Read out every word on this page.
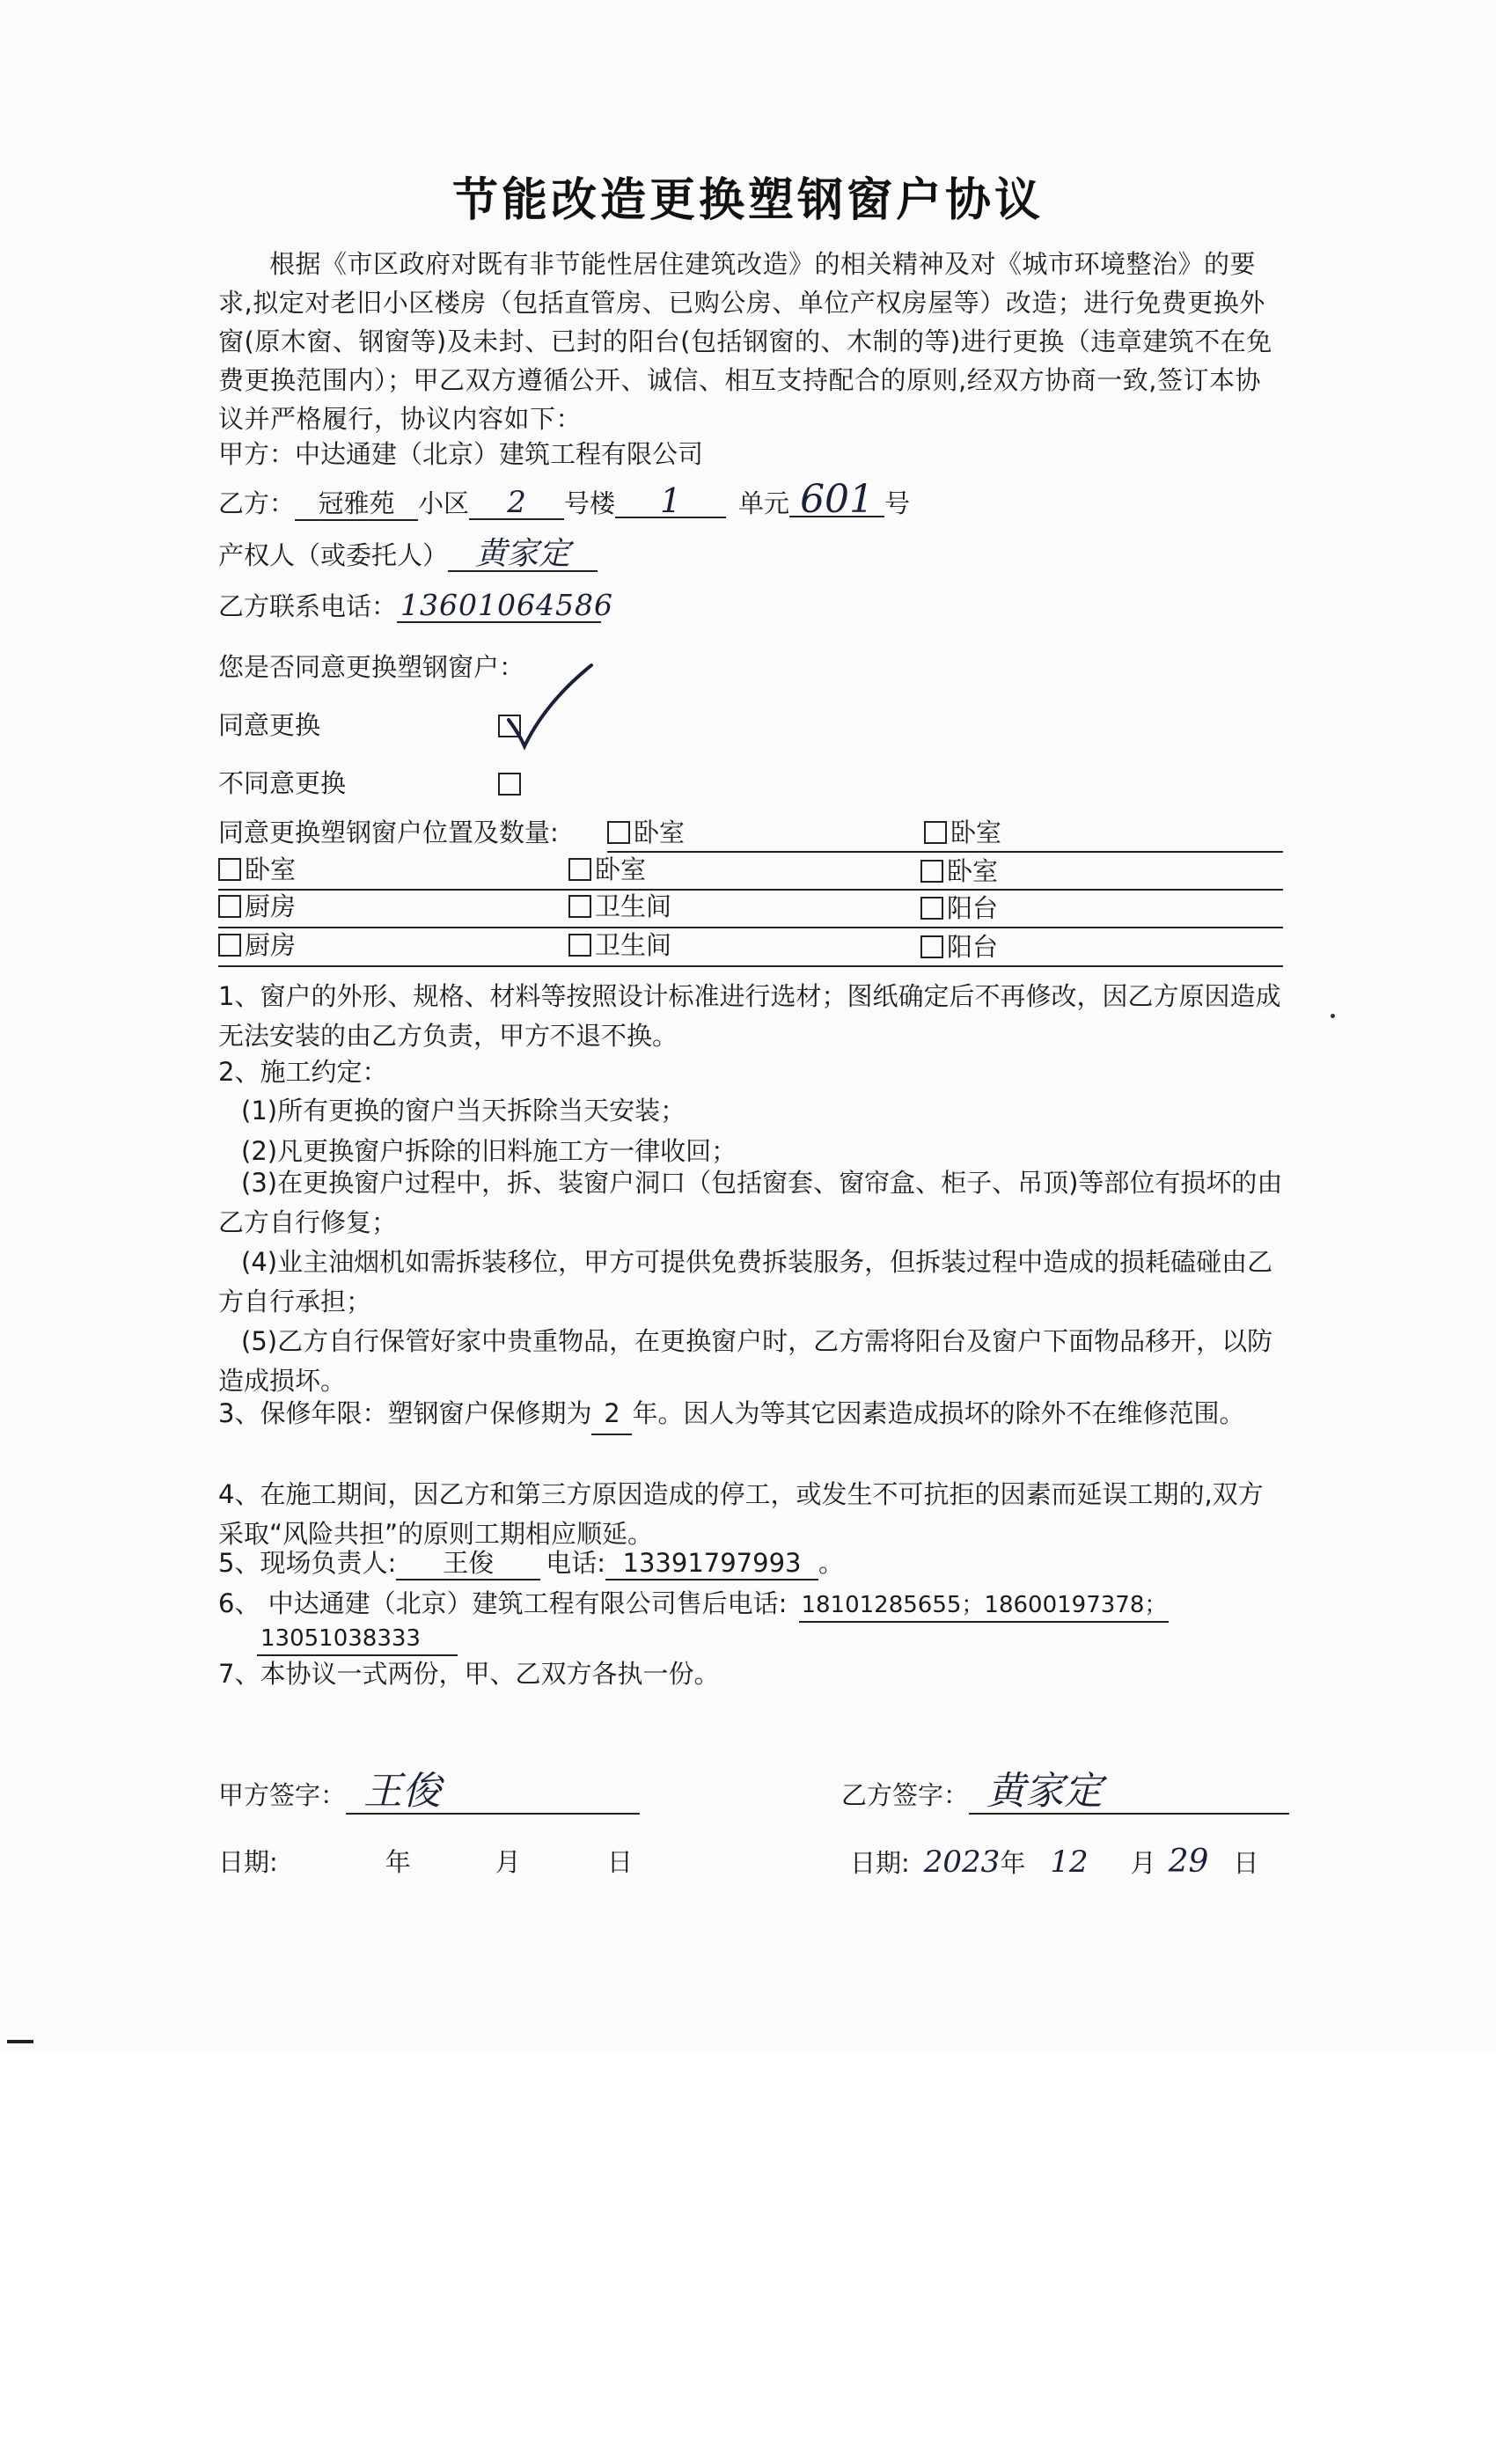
节能改造更换塑钢窗户协议
根据《市区政府对既有非节能性居住建筑改造》的相关精神及对《城市环境整治》的要求,拟定对老旧小区楼房（包括直管房、已购公房、单位产权房屋等）改造；进行免费更换外窗(原木窗、钢窗等)及未封、已封的阳台(包括钢窗的、木制的等)进行更换（违章建筑不在免费更换范围内）；甲乙双方遵循公开、诚信、相互支持配合的原则,经双方协商一致,签订本协议并严格履行，协议内容如下：
甲方：中达通建（北京）建筑工程有限公司
乙方： 冠雅苑 小区 2 号楼 1 单元 601 号
产权人（或委托人） 黄家定
乙方联系电话： 13601064586
您是否同意更换塑钢窗户：
同意更换
不同意更换
同意更换塑钢窗户位置及数量:	卧室	卧室
卧室	卧室	卧室
厨房	卫生间	阳台
厨房	卫生间	阳台
1、窗户的外形、规格、材料等按照设计标准进行选材；图纸确定后不再修改，因乙方原因造成无法安装的由乙方负责，甲方不退不换。
2、施工约定：
(1)所有更换的窗户当天拆除当天安装；
(2)凡更换窗户拆除的旧料施工方一律收回；
(3)在更换窗户过程中，拆、装窗户洞口（包括窗套、窗帘盒、柜子、吊顶)等部位有损坏的由乙方自行修复；
(4)业主油烟机如需拆装移位，甲方可提供免费拆装服务，但拆装过程中造成的损耗磕碰由乙方自行承担；
(5)乙方自行保管好家中贵重物品，在更换窗户时，乙方需将阳台及窗户下面物品移开，以防造成损坏。
3、保修年限：塑钢窗户保修期为 2 年。因人为等其它因素造成损坏的除外不在维修范围。
4、在施工期间，因乙方和第三方原因造成的停工，或发生不可抗拒的因素而延误工期的,双方采取“风险共担”的原则工期相应顺延。
5、现场负责人: 王俊 电话: 13391797993 。
6、 中达通建（北京）建筑工程有限公司售后电话: 18101285655；18600197378；
13051038333
7、本协议一式两份，甲、乙双方各执一份。
甲方签字： 王俊	乙方签字： 黄家定
日期:	年	月	日	日期: 2023年 12 月 29 日
